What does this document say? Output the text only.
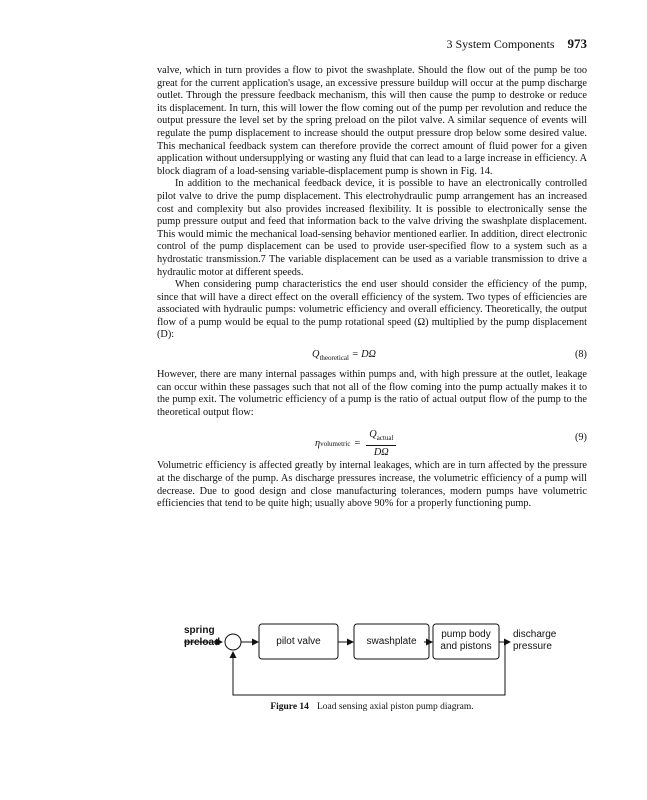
3 System Components 973

valve, which in turn provides a flow to pivot the swashplate. Should the flow out of the pump be too great for the current application's usage, an excessive pressure buildup will occur at the pump discharge outlet. Through the pressure feedback mechanism, this will then cause the pump to destroke or reduce its displacement. In turn, this will lower the flow coming out of the pump per revolution and reduce the output pressure the level set by the spring preload on the pilot valve. A similar sequence of events will regulate the pump displacement to increase should the output pressure drop below some desired value. This mechanical feedback system can therefore provide the correct amount of fluid power for a given application without undersupplying or wasting any fluid that can lead to a large increase in efficiency. A block diagram of a load-sensing variable-displacement pump is shown in Fig. 14.

In addition to the mechanical feedback device, it is possible to have an electronically controlled pilot valve to drive the pump displacement. This electrohydraulic pump arrangement has an increased cost and complexity but also provides increased flexibility. It is possible to electronically sense the pump pressure output and feed that information back to the valve driving the swashplate displacement. This would mimic the mechanical load-sensing behavior mentioned earlier. In addition, direct electronic control of the pump displacement can be used to provide user-specified flow to a system such as a hydrostatic transmission.7 The variable displacement can be used as a variable transmission to drive a hydraulic motor at different speeds.

When considering pump characteristics the end user should consider the efficiency of the pump, since that will have a direct effect on the overall efficiency of the system. Two types of efficiencies are associated with hydraulic pumps: volumetric efficiency and overall efficiency. Theoretically, the output flow of a pump would be equal to the pump rotational speed (Ω) multiplied by the pump displacement (D):

$Q_{theoretical} = D\Omega$	(8)

However, there are many internal passages within pumps and, with high pressure at the outlet, leakage can occur within these passages such that not all of the flow coming into the pump actually makes it to the pump exit. The volumetric efficiency of a pump is the ratio of actual output flow of the pump to the theoretical output flow:

η volumetric = $\frac{Q_{actual}}{D\Omega}$	(9)

Volumetric efficiency is affected greatly by internal leakages, which are in turn affected by the pressure at the discharge of the pump. As discharge pressures increase, the volumetric efficiency of a pump will decrease. Due to good design and close manufacturing tolerances, modern pumps have volumetric efficiencies that tend to be quite high; usually above 90% for a properly functioning pump.

spring
preload	pilot valve	swashplate
pump body
and pistons
discharge
pressure
Figure 14 Load sensing axial piston pump diagram.
